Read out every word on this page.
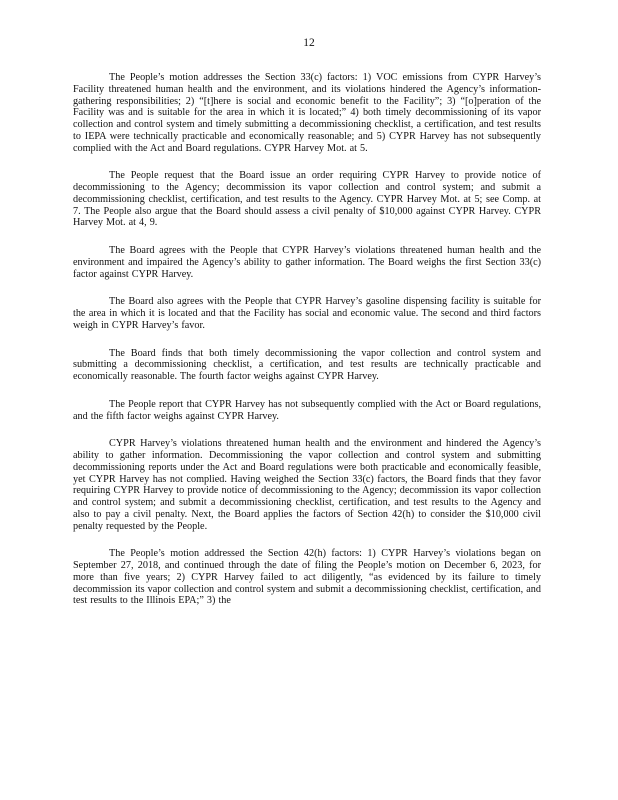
12

The People’s motion addresses the Section 33(c) factors: 1) VOC emissions from CYPR Harvey’s Facility threatened human health and the environment, and its violations hindered the Agency’s information-gathering responsibilities; 2) “[t]here is social and economic benefit to the Facility”; 3) “[o]peration of the Facility was and is suitable for the area in which it is located;” 4) both timely decommissioning of its vapor collection and control system and timely submitting a decommissioning checklist, a certification, and test results to IEPA were technically practicable and economically reasonable; and 5) CYPR Harvey has not subsequently complied with the Act and Board regulations. CYPR Harvey Mot. at 5.

The People request that the Board issue an order requiring CYPR Harvey to provide notice of decommissioning to the Agency; decommission its vapor collection and control system; and submit a decommissioning checklist, certification, and test results to the Agency. CYPR Harvey Mot. at 5; see Comp. at 7. The People also argue that the Board should assess a civil penalty of $10,000 against CYPR Harvey. CYPR Harvey Mot. at 4, 9.

The Board agrees with the People that CYPR Harvey’s violations threatened human health and the environment and impaired the Agency’s ability to gather information. The Board weighs the first Section 33(c) factor against CYPR Harvey.

The Board also agrees with the People that CYPR Harvey’s gasoline dispensing facility is suitable for the area in which it is located and that the Facility has social and economic value. The second and third factors weigh in CYPR Harvey’s favor.

The Board finds that both timely decommissioning the vapor collection and control system and submitting a decommissioning checklist, a certification, and test results are technically practicable and economically reasonable. The fourth factor weighs against CYPR Harvey.

The People report that CYPR Harvey has not subsequently complied with the Act or Board regulations, and the fifth factor weighs against CYPR Harvey.

CYPR Harvey’s violations threatened human health and the environment and hindered the Agency’s ability to gather information. Decommissioning the vapor collection and control system and submitting decommissioning reports under the Act and Board regulations were both practicable and economically feasible, yet CYPR Harvey has not complied. Having weighed the Section 33(c) factors, the Board finds that they favor requiring CYPR Harvey to provide notice of decommissioning to the Agency; decommission its vapor collection and control system; and submit a decommissioning checklist, certification, and test results to the Agency and also to pay a civil penalty. Next, the Board applies the factors of Section 42(h) to consider the $10,000 civil penalty requested by the People.

The People’s motion addressed the Section 42(h) factors: 1) CYPR Harvey’s violations began on September 27, 2018, and continued through the date of filing the People’s motion on December 6, 2023, for more than five years; 2) CYPR Harvey failed to act diligently, “as evidenced by its failure to timely decommission its vapor collection and control system and submit a decommissioning checklist, certification, and test results to the Illinois EPA;” 3) the
